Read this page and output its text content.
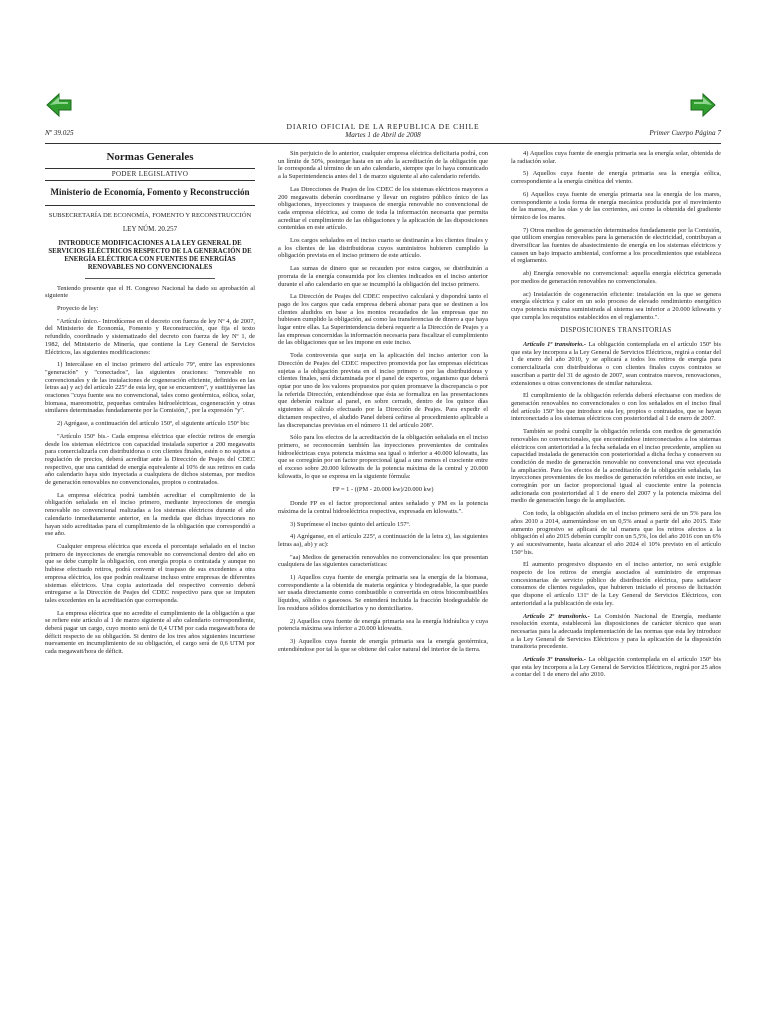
Nº 39.025
DIARIO OFICIAL DE LA REPUBLICA DE CHILE
Martes 1 de Abril de 2008	Primer Cuerpo Página 7
Normas Generales
PODER LEGISLATIVO
Ministerio de Economía, Fomento y Reconstrucción
SUBSECRETARÍA DE ECONOMÍA, FOMENTO Y RECONSTRUCCIÓN
LEY NÚM. 20.257
INTRODUCE MODIFICACIONES A LA LEY GENERAL DE SERVICIOS ELÉCTRICOS RESPECTO DE LA GENERACIÓN DE ENERGÍA ELÉCTRICA CON FUENTES DE ENERGÍAS RENOVABLES NO CONVENCIONALES

Teniendo presente que el H. Congreso Nacional ha dado su aprobación al siguiente

Proyecto de ley:

"Artículo único.- Introdúcense en el decreto con fuerza de ley Nº 4, de 2007, del Ministerio de Economía, Fomento y Reconstrucción, que fija el texto refundido, coordinado y sistematizado del decreto con fuerza de ley Nº 1, de 1982, del Ministerio de Minería, que contiene la Ley General de Servicios Eléctricos, las siguientes modificaciones:

1) Intercálase en el inciso primero del artículo 79º, entre las expresiones "generación" y "conectados", las siguientes oraciones: "renovable no convencionales y de las instalaciones de cogeneración eficiente, definidos en las letras aa) y ac) del artículo 225º de esta ley, que se encuentren", y sustitúyense las oraciones "cuya fuente sea no convencional, tales como geotérmica, eólica, solar, biomasa, mareomotriz, pequeñas centrales hidroeléctricas, cogeneración y otras similares determinadas fundadamente por la Comisión,", por la expresión "y".

2) Agrégase, a continuación del artículo 150º, el siguiente artículo 150º bis:

"Artículo 150º bis.- Cada empresa eléctrica que efectúe retiros de energía desde los sistemas eléctricos con capacidad instalada superior a 200 megawatts para comercializarla con distribuidoras o con clientes finales, estén o no sujetos a regulación de precios, deberá acreditar ante la Dirección de Peajes del CDEC respectivo, que una cantidad de energía equivalente al 10% de sus retiros en cada año calendario haya sido inyectada a cualquiera de dichos sistemas, por medios de generación renovables no convencionales, propios o contratados.

La empresa eléctrica podrá también acreditar el cumplimiento de la obligación señalada en el inciso primero, mediante inyecciones de energía renovable no convencional realizadas a los sistemas eléctricos durante el año calendario inmediatamente anterior, en la medida que dichas inyecciones no hayan sido acreditadas para el cumplimiento de la obligación que correspondió a ese año.

Cualquier empresa eléctrica que exceda el porcentaje señalado en el inciso primero de inyecciones de energía renovable no convencional dentro del año en que se debe cumplir la obligación, con energía propia o contratada y aunque no hubiese efectuado retiros, podrá convenir el traspaso de sus excedentes a otra empresa eléctrica, los que podrán realizarse incluso entre empresas de diferentes sistemas eléctricos. Una copia autorizada del respectivo convenio deberá entregarse a la Dirección de Peajes del CDEC respectivo para que se imputen tales excedentes en la acreditación que corresponda.

La empresa eléctrica que no acredite el cumplimiento de la obligación a que se refiere este artículo al 1 de marzo siguiente al año calendario correspondiente, deberá pagar un cargo, cuyo monto será de 0,4 UTM por cada megawatt/hora de déficit respecto de su obligación. Si dentro de los tres años siguientes incurriese nuevamente en incumplimiento de su obligación, el cargo será de 0,6 UTM por cada megawatt/hora de déficit.

Sin perjuicio de lo anterior, cualquier empresa eléctrica deficitaria podrá, con un límite de 50%, postergar hasta en un año la acreditación de la obligación que le corresponda al término de un año calendario, siempre que lo haya comunicado a la Superintendencia antes del 1 de marzo siguiente al año calendario referido.

Las Direcciones de Peajes de los CDEC de los sistemas eléctricos mayores a 200 megawatts deberán coordinarse y llevar un registro público único de las obligaciones, inyecciones y traspasos de energía renovable no convencional de cada empresa eléctrica, así como de toda la información necesaria que permita acreditar el cumplimiento de las obligaciones y la aplicación de las disposiciones contenidas en este artículo.

Los cargos señalados en el inciso cuarto se destinarán a los clientes finales y a los clientes de las distribuidoras cuyos suministros hubieren cumplido la obligación prevista en el inciso primero de este artículo.

Las sumas de dinero que se recauden por estos cargos, se distribuirán a prorrata de la energía consumida por los clientes indicados en el inciso anterior durante el año calendario en que se incumplió la obligación del inciso primero.

La Dirección de Peajes del CDEC respectivo calculará y dispondrá tanto el pago de los cargos que cada empresa deberá abonar para que se destinen a los clientes aludidos en base a los montos recaudados de las empresas que no hubiesen cumplido la obligación, así como las transferencias de dinero a que haya lugar entre ellas. La Superintendencia deberá requerir a la Dirección de Peajes y a las empresas concernidas la información necesaria para fiscalizar el cumplimiento de las obligaciones que se les impone en este inciso.

Toda controversia que surja en la aplicación del inciso anterior con la Dirección de Peajes del CDEC respectivo promovida por las empresas eléctricas sujetas a la obligación prevista en el inciso primero o por las distribuidoras y clientes finales, será dictaminada por el panel de expertos, organismo que deberá optar por uno de los valores propuestos por quien promueve la discrepancia o por la referida Dirección, entendiéndose que ésta se formaliza en las presentaciones que deberán realizar al panel, en sobre cerrado, dentro de los quince días siguientes al cálculo efectuado por la Dirección de Peajes. Para expedir el dictamen respectivo, el aludido Panel deberá ceñirse al procedimiento aplicable a las discrepancias previstas en el número 11 del artículo 208º.

Sólo para los efectos de la acreditación de la obligación señalada en el inciso primero, se reconocerán también las inyecciones provenientes de centrales hidroeléctricas cuya potencia máxima sea igual o inferior a 40.000 kilowatts, las que se corregirán por un factor proporcional igual a uno menos el cuociente entre el exceso sobre 20.000 kilowatts de la potencia máxima de la central y 20.000 kilowatts, lo que se expresa en la siguiente fórmula:

FP = 1 - ((PM - 20.000 kw)/20.000 kw)

Donde FP es el factor proporcional antes señalado y PM es la potencia máxima de la central hidroeléctrica respectiva, expresada en kilowatts.".

3) Suprímese el inciso quinto del artículo 157º.

4) Agréganse, en el artículo 225º, a continuación de la letra z), las siguientes letras aa), ab) y ac):

"aa) Medios de generación renovables no convencionales: los que presentan cualquiera de las siguientes características:

1) Aquellos cuya fuente de energía primaria sea la energía de la biomasa, correspondiente a la obtenida de materia orgánica y biodegradable, la que puede ser usada directamente como combustible o convertida en otros biocombustibles líquidos, sólidos o gaseosos. Se entenderá incluida la fracción biodegradable de los residuos sólidos domiciliarios y no domiciliarios.

2) Aquellos cuya fuente de energía primaria sea la energía hidráulica y cuya potencia máxima sea inferior a 20.000 kilowatts.

3) Aquellos cuya fuente de energía primaria sea la energía geotérmica, entendiéndose por tal la que se obtiene del calor natural del interior de la tierra.

4) Aquellos cuya fuente de energía primaria sea la energía solar, obtenida de la radiación solar.

5) Aquellos cuya fuente de energía primaria sea la energía eólica, correspondiente a la energía cinética del viento.

6) Aquellos cuya fuente de energía primaria sea la energía de los mares, correspondiente a toda forma de energía mecánica producida por el movimiento de las mareas, de las olas y de las corrientes, así como la obtenida del gradiente térmico de los mares.

7) Otros medios de generación determinados fundadamente por la Comisión, que utilicen energías renovables para la generación de electricidad, contribuyan a diversificar las fuentes de abastecimiento de energía en los sistemas eléctricos y causen un bajo impacto ambiental, conforme a los procedimientos que establezca el reglamento.

ab) Energía renovable no convencional: aquella energía eléctrica generada por medios de generación renovables no convencionales.

ac) Instalación de cogeneración eficiente: instalación en la que se genera energía eléctrica y calor en un solo proceso de elevado rendimiento energético cuya potencia máxima suministrada al sistema sea inferior a 20.000 kilowatts y que cumpla los requisitos establecidos en el reglamento.".

DISPOSICIONES TRANSITORIAS

Artículo 1º transitorio.- La obligación contemplada en el artículo 150º bis que esta ley incorpora a la Ley General de Servicios Eléctricos, regirá a contar del 1 de enero del año 2010, y se aplicará a todos los retiros de energía para comercializarla con distribuidoras o con clientes finales cuyos contratos se suscriban a partir del 31 de agosto de 2007, sean contratos nuevos, renovaciones, extensiones u otras convenciones de similar naturaleza.

El cumplimiento de la obligación referida deberá efectuarse con medios de generación renovables no convencionales o con los señalados en el inciso final del artículo 150º bis que introduce esta ley, propios o contratados, que se hayan interconectado a los sistemas eléctricos con posterioridad al 1 de enero de 2007.

También se podrá cumplir la obligación referida con medios de generación renovables no convencionales, que encontrándose interconectados a los sistemas eléctricos con anterioridad a la fecha señalada en el inciso precedente, amplíen su capacidad instalada de generación con posterioridad a dicha fecha y conserven su condición de medio de generación renovable no convencional una vez ejecutada la ampliación. Para los efectos de la acreditación de la obligación señalada, las inyecciones provenientes de los medios de generación referidos en este inciso, se corregirán por un factor proporcional igual al cuociente entre la potencia adicionada con posterioridad al 1 de enero del 2007 y la potencia máxima del medio de generación luego de la ampliación.

Con todo, la obligación aludida en el inciso primero será de un 5% para los años 2010 a 2014, aumentándose en un 0,5% anual a partir del año 2015. Este aumento progresivo se aplicará de tal manera que los retiros afectos a la obligación el año 2015 deberán cumplir con un 5,5%, los del año 2016 con un 6% y así sucesivamente, hasta alcanzar el año 2024 el 10% previsto en el artículo 150º bis.

El aumento progresivo dispuesto en el inciso anterior, no será exigible respecto de los retiros de energía asociados al suministro de empresas concesionarias de servicio público de distribución eléctrica, para satisfacer consumos de clientes regulados, que hubieren iniciado el proceso de licitación que dispone el artículo 131º de la Ley General de Servicios Eléctricos, con anterioridad a la publicación de esta ley.

Artículo 2º transitorio.- La Comisión Nacional de Energía, mediante resolución exenta, establecerá las disposiciones de carácter técnico que sean necesarias para la adecuada implementación de las normas que esta ley introduce a la Ley General de Servicios Eléctricos y para la aplicación de la disposición transitoria precedente.

Artículo 3º transitorio.- La obligación contemplada en el artículo 150º bis que esta ley incorpora a la Ley General de Servicios Eléctricos, regirá por 25 años a contar del 1 de enero del año 2010.
